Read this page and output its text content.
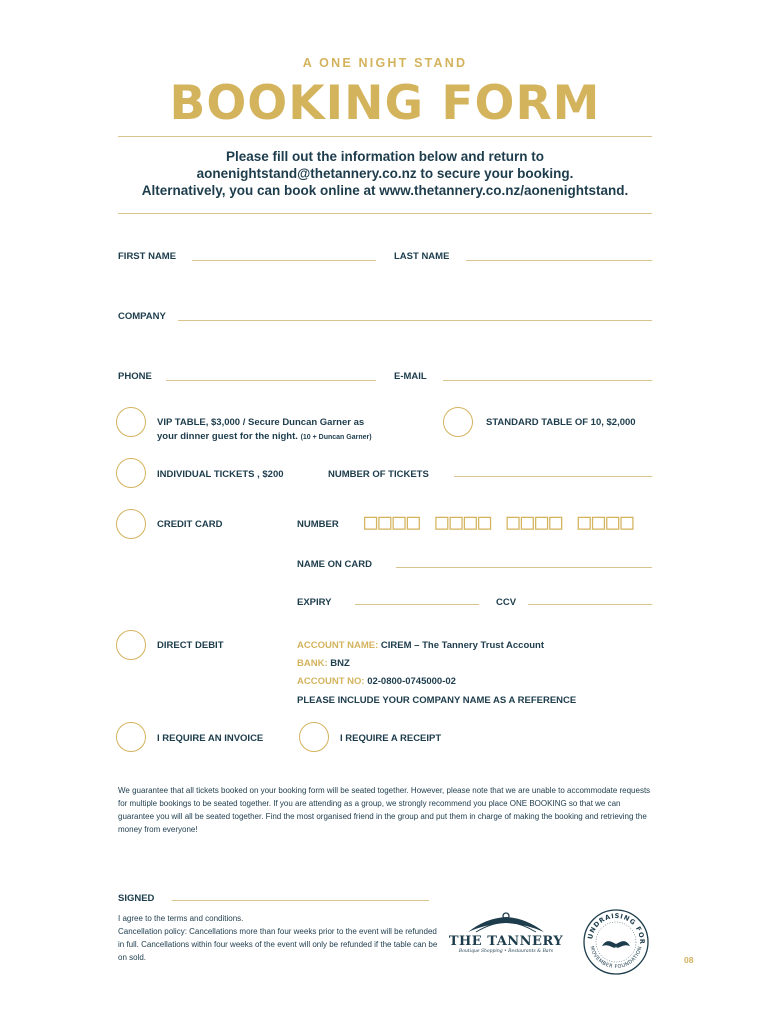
A ONE NIGHT STAND
BOOKING FORM
Please fill out the information below and return to
aonenightstand@thetannery.co.nz to secure your booking.
Alternatively, you can book online at www.thetannery.co.nz/aonenightstand.
FIRST NAME	LAST NAME
COMPANY
PHONE	E-MAIL
VIP TABLE, $3,000 / Secure Duncan Garner as
your dinner guest for the night. (10 + Duncan Garner)
STANDARD TABLE OF 10, $2,000
INDIVIDUAL TICKETS , $200	NUMBER OF TICKETS
CREDIT CARD	NUMBER □□□□ □□□□ □□□□ □□□□
NAME ON CARD
EXPIRY	CCV
DIRECT DEBIT	ACCOUNT NAME: CIREM – The Tannery Trust Account
BANK: BNZ
ACCOUNT NO: 02-0800-0745000-02
PLEASE INCLUDE YOUR COMPANY NAME AS A REFERENCE
I REQUIRE AN INVOICE	I REQUIRE A RECEIPT
We guarantee that all tickets booked on your booking form will be seated together. However, please note that we are unable to accommodate requests for multiple bookings to be seated together. If you are attending as a group, we strongly recommend you place ONE BOOKING so that we can guarantee you will all be seated together. Find the most organised friend in the group and put them in charge of making the booking and retrieving the money from everyone!
SIGNED
I agree to the terms and conditions.
Cancellation policy: Cancellations more than four weeks prior to the event will be refunded in full. Cancellations within four weeks of the event will only be refunded if the table can be on sold.
THE TANNERY
Boutique Shopping • Restaurants & Bars
UNDRAISING FOR
MOVEMBER FOUNDATION
08
